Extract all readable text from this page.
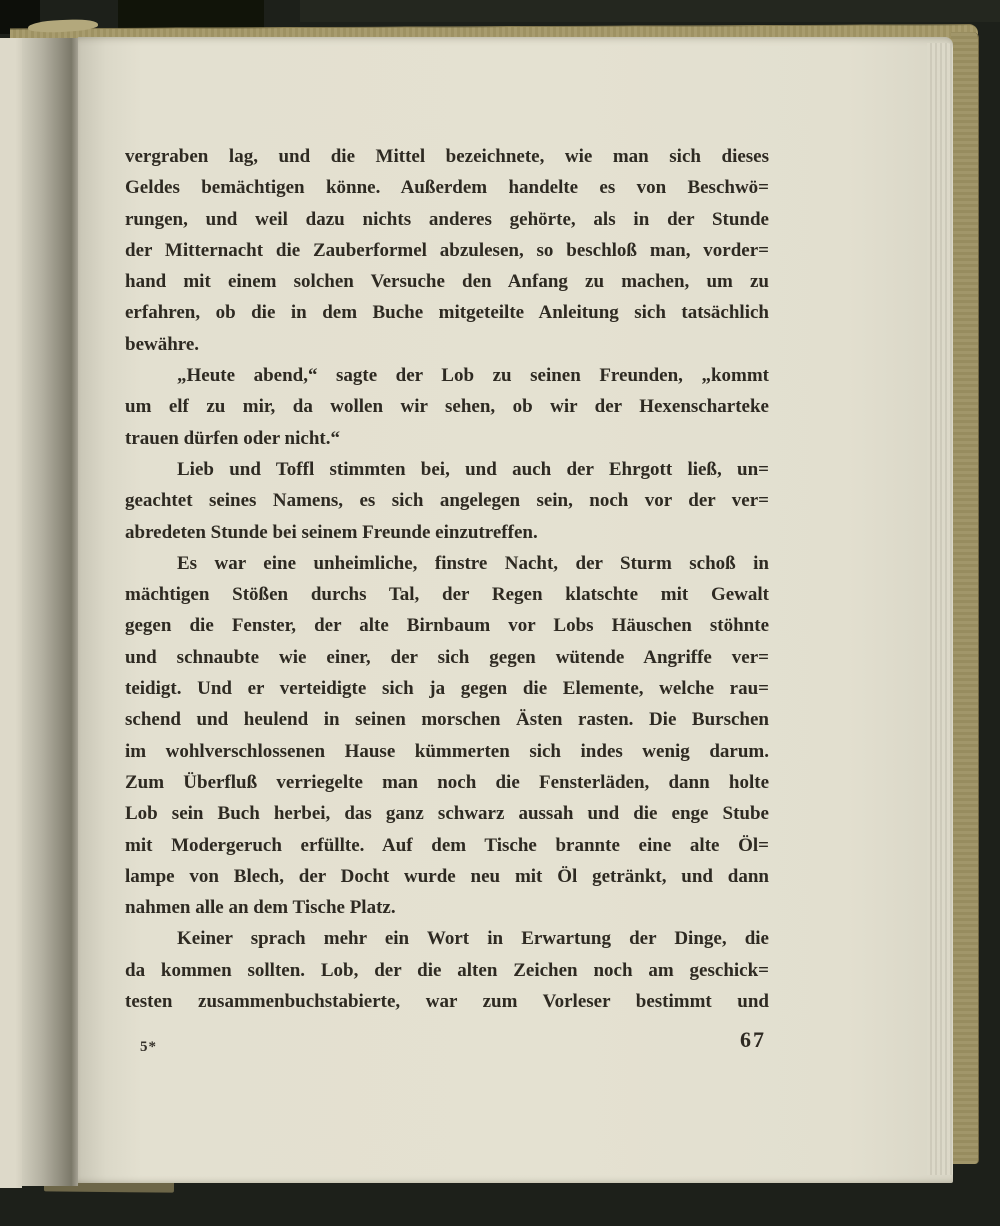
vergraben lag, und die Mittel bezeichnete, wie man sich dieses
Geldes bemächtigen könne. Außerdem handelte es von Beschwö=
rungen, und weil dazu nichts anderes gehörte, als in der Stunde
der Mitternacht die Zauberformel abzulesen, so beschloß man, vorder=
hand mit einem solchen Versuche den Anfang zu machen, um zu
erfahren, ob die in dem Buche mitgeteilte Anleitung sich tatsächlich
bewähre.
„Heute abend,“ sagte der Lob zu seinen Freunden, „kommt
um elf zu mir, da wollen wir sehen, ob wir der Hexenscharteke
trauen dürfen oder nicht.“
Lieb und Toffl stimmten bei, und auch der Ehrgott ließ, un=
geachtet seines Namens, es sich angelegen sein, noch vor der ver=
abredeten Stunde bei seinem Freunde einzutreffen.
Es war eine unheimliche, finstre Nacht, der Sturm schoß in
mächtigen Stößen durchs Tal, der Regen klatschte mit Gewalt
gegen die Fenster, der alte Birnbaum vor Lobs Häuschen stöhnte
und schnaubte wie einer, der sich gegen wütende Angriffe ver=
teidigt. Und er verteidigte sich ja gegen die Elemente, welche rau=
schend und heulend in seinen morschen Ästen rasten. Die Burschen
im wohlverschlossenen Hause kümmerten sich indes wenig darum.
Zum Überfluß verriegelte man noch die Fensterläden, dann holte
Lob sein Buch herbei, das ganz schwarz aussah und die enge Stube
mit Modergeruch erfüllte. Auf dem Tische brannte eine alte Öl=
lampe von Blech, der Docht wurde neu mit Öl getränkt, und dann
nahmen alle an dem Tische Platz.
Keiner sprach mehr ein Wort in Erwartung der Dinge, die
da kommen sollten. Lob, der die alten Zeichen noch am geschick=
testen zusammenbuchstabierte, war zum Vorleser bestimmt und
5*	67
